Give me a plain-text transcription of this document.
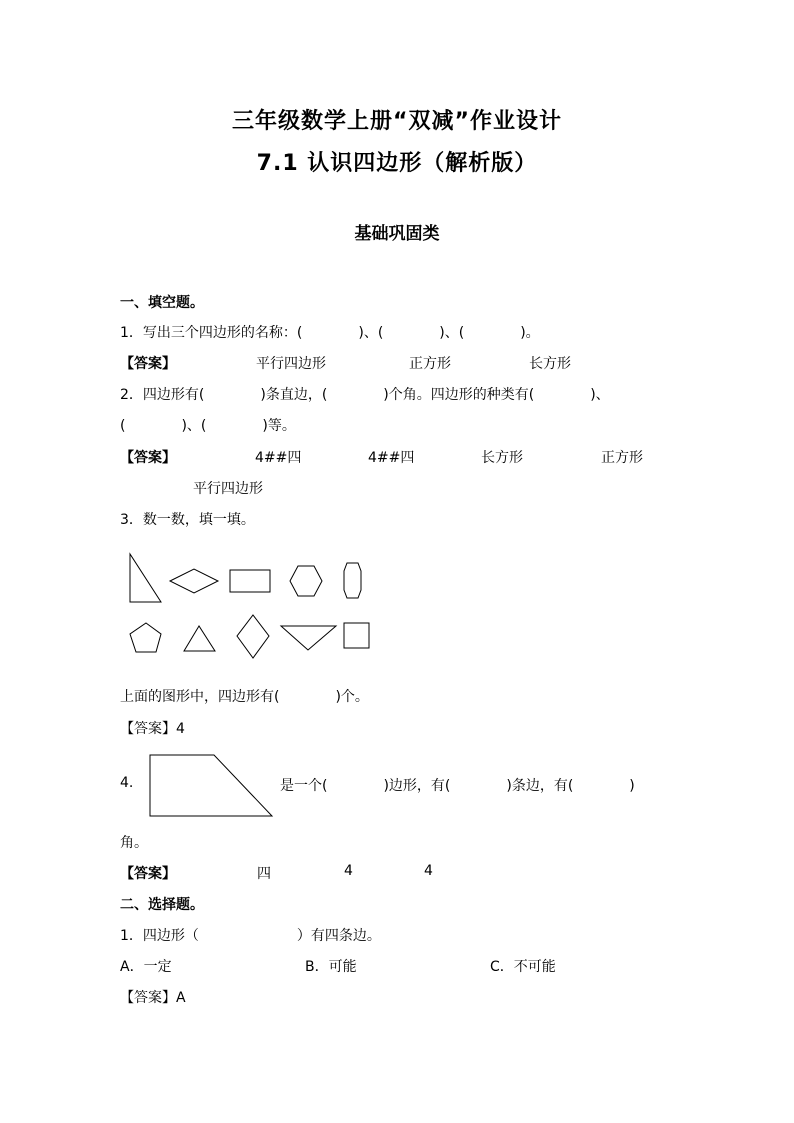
三年级数学上册“双减”作业设计
7.1 认识四边形（解析版）
基础巩固类
一、填空题。
1．写出三个四边形的名称：(　　　　)、(　　　　)、(　　　　)。
【答案】	平行四边形	正方形	长方形
2．四边形有(　　　　)条直边，(　　　　)个角。四边形的种类有(　　　　)、
(　　　　)、(　　　　)等。
【答案】	4##四	4##四	长方形	正方形
平行四边形
3．数一数，填一填。
上面的图形中，四边形有(　　　　)个。
【答案】4
4.	是一个(　　　　)边形，有(　　　　)条边，有(　　　　)
角。
【答案】	四	4	4
二、选择题。
1．四边形（　　　　　　　）有四条边。
A．一定	B．可能	C．不可能
【答案】A
